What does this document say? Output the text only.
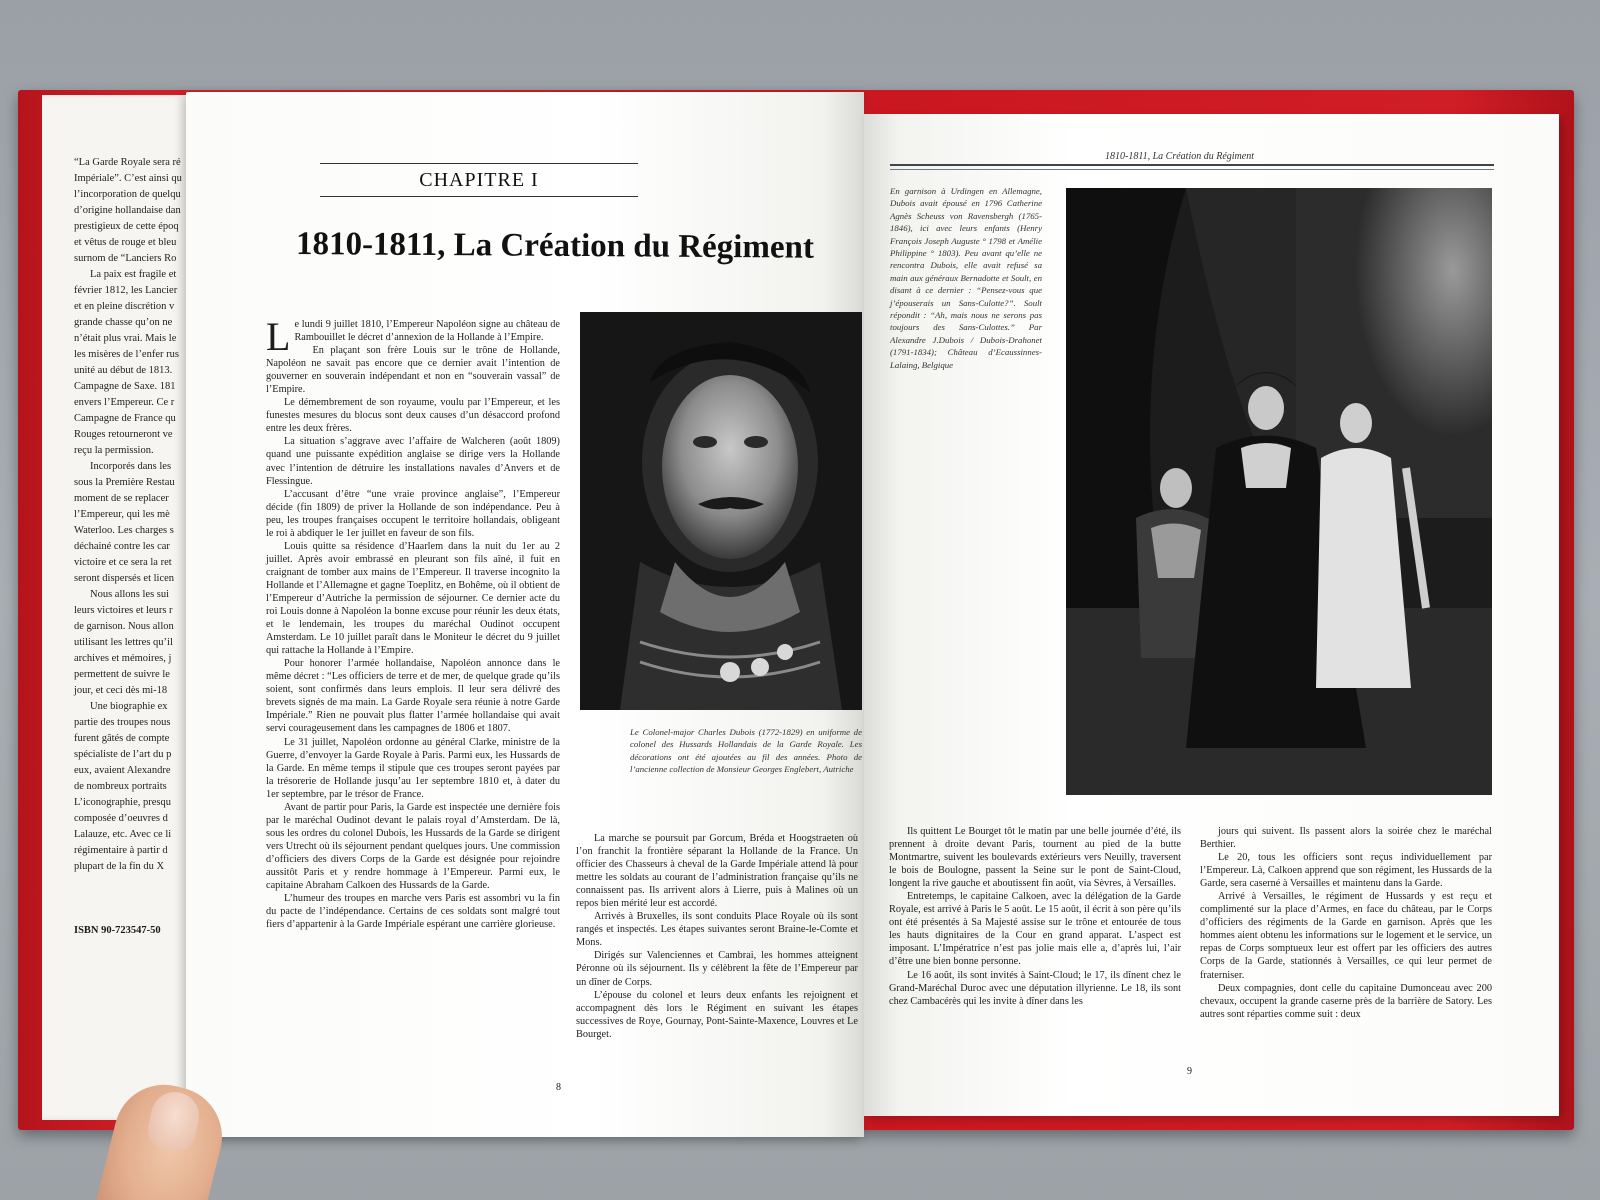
“La Garde Royale sera ré

Impériale”. C’est ainsi qu

l’incorporation de quelqu

d’origine hollandaise dan

prestigieux de cette époq

et vêtus de rouge et bleu

surnom de “Lanciers Ro

La paix est fragile et

février 1812, les Lancier

et en pleine discrétion v

grande chasse qu’on ne

n’était plus vrai. Mais le

les misères de l’enfer rus

unité au début de 1813.

Campagne de Saxe. 181

envers l’Empereur. Ce r

Campagne de France qu

Rouges retourneront ve

reçu la permission.

Incorporés dans les

sous la Première Restau

moment de se replacer

l’Empereur, qui les mè

Waterloo. Les charges s

déchainé contre les car

victoire et ce sera la ret

seront dispersés et licen

Nous allons les sui

leurs victoires et leurs r

de garnison. Nous allon

utilisant les lettres qu’il

archives et mémoires, j

permettent de suivre le

jour, et ceci dès mi-18

Une biographie ex

partie des troupes nous

furent gâtés de compte

spécialiste de l’art du p

eux, avaient Alexandre

de nombreux portraits

L’iconographie, presqu

composée d’oeuvres d

Lalauze, etc. Avec ce li

régimentaire à partir d

plupart de la fin du X

ISBN 90-723547-50
CHAPITRE I
1810-1811, La Création du Régiment

Le lundi 9 juillet 1810, l’Empereur Napoléon signe au château de Rambouillet le décret d’annexion de la Hollande à l’Empire.

En plaçant son frère Louis sur le trône de Hollande, Napoléon ne savait pas encore que ce dernier avait l’intention de gouverner en souverain indépendant et non en “souverain vassal” de l’Empire.

Le démembrement de son royaume, voulu par l’Empereur, et les funestes mesures du blocus sont deux causes d’un désaccord profond entre les deux frères.

La situation s’aggrave avec l’affaire de Walcheren (août 1809) quand une puissante expédition anglaise se dirige vers la Hollande avec l’intention de détruire les installations navales d’Anvers et de Flessingue.

L’accusant d’être “une vraie province anglaise”, l’Empereur décide (fin 1809) de priver la Hollande de son indépendance. Peu à peu, les troupes françaises occupent le territoire hollandais, obligeant le roi à abdiquer le 1er juillet en faveur de son fils.

Louis quitte sa résidence d’Haarlem dans la nuit du 1er au 2 juillet. Après avoir embrassé en pleurant son fils aîné, il fuit en craignant de tomber aux mains de l’Empereur. Il traverse incognito la Hollande et l’Allemagne et gagne Toeplitz, en Bohême, où il obtient de l’Empereur d’Autriche la permission de séjourner. Ce dernier acte du roi Louis donne à Napoléon la bonne excuse pour réunir les deux états, et le lendemain, les troupes du maréchal Oudinot occupent Amsterdam. Le 10 juillet paraît dans le Moniteur le décret du 9 juillet qui rattache la Hollande à l’Empire.

Pour honorer l’armée hollandaise, Napoléon annonce dans le même décret : “Les officiers de terre et de mer, de quelque grade qu’ils soient, sont confirmés dans leurs emplois. Il leur sera délivré des brevets signés de ma main. La Garde Royale sera réunie à notre Garde Impériale.” Rien ne pouvait plus flatter l’armée hollandaise qui avait servi courageusement dans les campagnes de 1806 et 1807.

Le 31 juillet, Napoléon ordonne au général Clarke, ministre de la Guerre, d’envoyer la Garde Royale à Paris. Parmi eux, les Hussards de la Garde. En même temps il stipule que ces troupes seront payées par la trésorerie de Hollande jusqu’au 1er septembre 1810 et, à dater du 1er septembre, par le trésor de France.

Avant de partir pour Paris, la Garde est inspectée une dernière fois par le maréchal Oudinot devant le palais royal d’Amsterdam. De là, sous les ordres du colonel Dubois, les Hussards de la Garde se dirigent vers Utrecht où ils séjournent pendant quelques jours. Une commission d’officiers des divers Corps de la Garde est désignée pour rejoindre aussitôt Paris et y rendre hommage à l’Empereur. Parmi eux, le capitaine Abraham Calkoen des Hussards de la Garde.

L’humeur des troupes en marche vers Paris est assombri vu la fin du pacte de l’indépendance. Certains de ces soldats sont malgré tout fiers d’appartenir à la Garde Impériale espérant une carrière glorieuse.

Le Colonel-major Charles Dubois (1772-1829) en uniforme de colonel des Hussards Hollandais de la Garde Royale. Les décorations ont été ajoutées au fil des années. Photo de l’ancienne collection de Monsieur Georges Englebert, Autriche

La marche se poursuit par Gorcum, Bréda et Hoogstraeten où l’on franchit la frontière séparant la Hollande de la France. Un officier des Chasseurs à cheval de la Garde Impériale attend là pour mettre les soldats au courant de l’administration française qu’ils ne connaissent pas. Ils arrivent alors à Lierre, puis à Malines où un repos bien mérité leur est accordé.

Arrivés à Bruxelles, ils sont conduits Place Royale où ils sont rangés et inspectés. Les étapes suivantes seront Braine-le-Comte et Mons.

Dirigés sur Valenciennes et Cambrai, les hommes atteignent Péronne où ils séjournent. Ils y célèbrent la fête de l’Empereur par un dîner de Corps.

L’épouse du colonel et leurs deux enfants les rejoignent et accompagnent dès lors le Régiment en suivant les étapes successives de Roye, Gournay, Pont-Sainte-Maxence, Louvres et Le Bourget.

8
1810-1811, La Création du Régiment
En garnison à Urdingen en Allemagne, Dubois avait épousé en 1796 Catherine Agnès Scheuss von Ravensbergh (1765-1846), ici avec leurs enfants (Henry François Joseph Auguste ° 1798 et Amélie Philippine ° 1803). Peu avant qu’elle ne rencontra Dubois, elle avait refusé sa main aux généraux Bernadotte et Soult, en disant à ce dernier : “Pensez-vous que j’épouserais un Sans-Culotte?”. Soult répondit : “Ah, mais nous ne serons pas toujours des Sans-Culottes.” Par Alexandre J.Dubois / Dubois-Drahonet (1791-1834); Château d’Ecaussinnes-Lalaing, Belgique

Ils quittent Le Bourget tôt le matin par une belle journée d’été, ils prennent à droite devant Paris, tournent au pied de la butte Montmartre, suivent les boulevards extérieurs vers Neuilly, traversent le bois de Boulogne, passent la Seine sur le pont de Saint-Cloud, longent la rive gauche et aboutissent fin août, via Sèvres, à Versailles.

Entretemps, le capitaine Calkoen, avec la délégation de la Garde Royale, est arrivé à Paris le 5 août. Le 15 août, il écrit à son père qu’ils ont été présentés à Sa Majesté assise sur le trône et entourée de tous les hauts dignitaires de la Cour en grand apparat. L’aspect est imposant. L’Impératrice n’est pas jolie mais elle a, d’après lui, l’air d’être une bien bonne personne.

Le 16 août, ils sont invités à Saint-Cloud; le 17, ils dînent chez le Grand-Maréchal Duroc avec une députation illyrienne. Le 18, ils sont chez Cambacérès qui les invite à dîner dans les

jours qui suivent. Ils passent alors la soirée chez le maréchal Berthier.

Le 20, tous les officiers sont reçus individuellement par l’Empereur. Là, Calkoen apprend que son régiment, les Hussards de la Garde, sera caserné à Versailles et maintenu dans la Garde.

Arrivé à Versailles, le régiment de Hussards y est reçu et complimenté sur la place d’Armes, en face du château, par le Corps d’officiers des régiments de la Garde en garnison. Après que les hommes aient obtenu les informations sur le logement et le service, un repas de Corps somptueux leur est offert par les officiers des autres Corps de la Garde, stationnés à Versailles, ce qui leur permet de fraterniser.

Deux compagnies, dont celle du capitaine Dumonceau avec 200 chevaux, occupent la grande caserne près de la barrière de Satory. Les autres sont réparties comme suit : deux

9
